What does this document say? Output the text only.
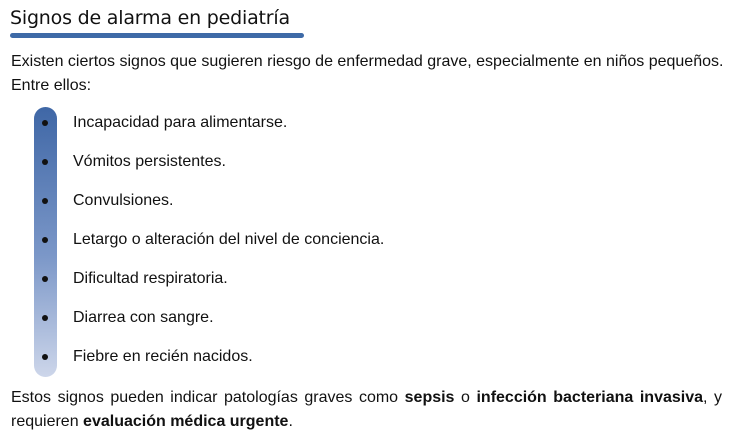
Signos de alarma en pediatría

Existen ciertos signos que sugieren riesgo de enfermedad grave, especialmente en niños pequeños. Entre ellos:

Incapacidad para alimentarse.
Vómitos persistentes.
Convulsiones.
Letargo o alteración del nivel de conciencia.
Dificultad respiratoria.
Diarrea con sangre.
Fiebre en recién nacidos.

Estos signos pueden indicar patologías graves como sepsis o infección bacteriana invasiva, y requieren evaluación médica urgente.
